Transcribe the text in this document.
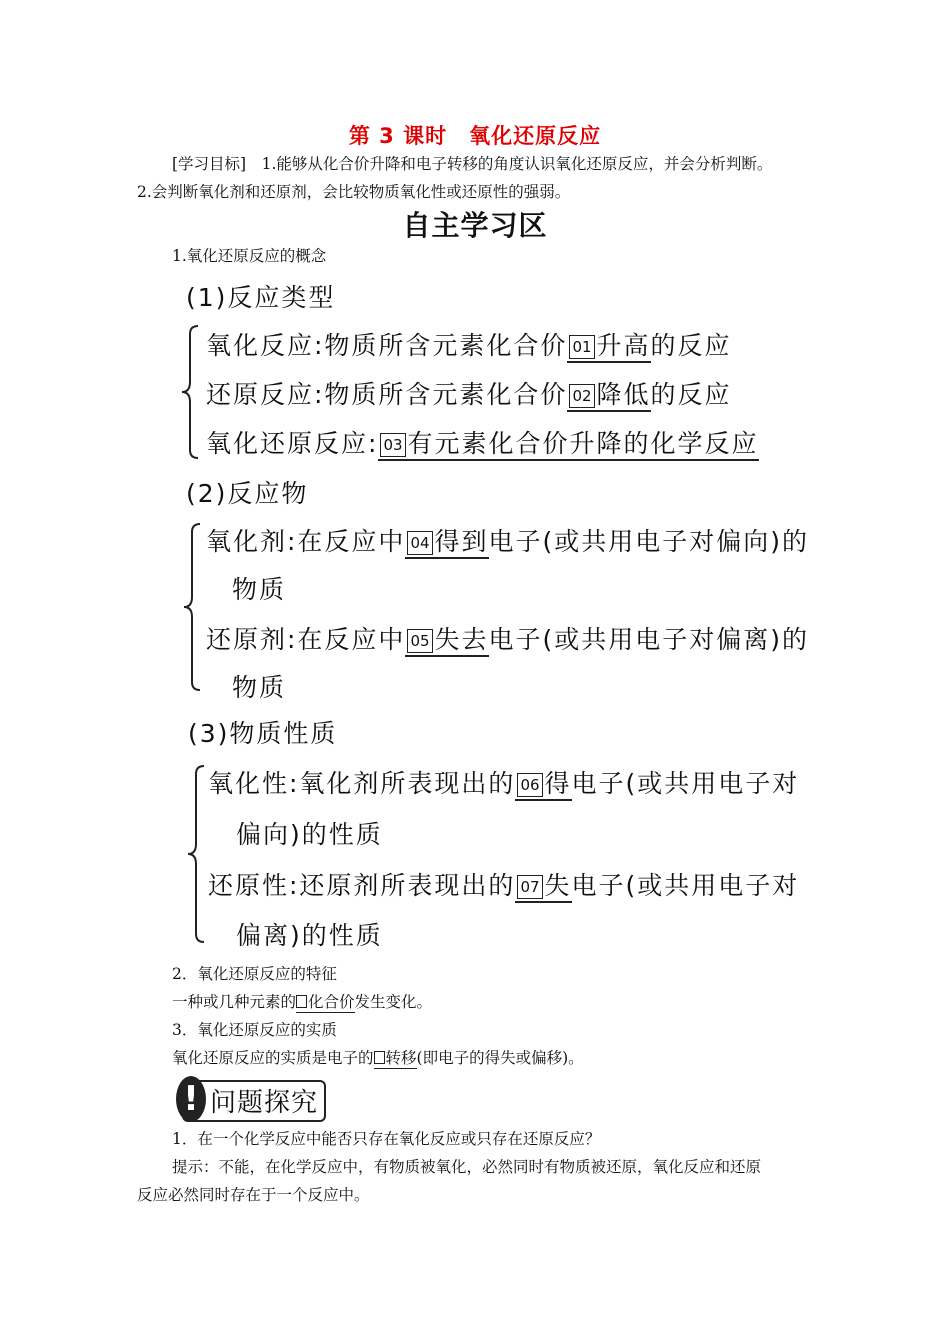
第 3 课时　氧化还原反应
[学习目标]　1.能够从化合价升降和电子转移的角度认识氧化还原反应，并会分析判断。
2.会判断氧化剂和还原剂，会比较物质氧化性或还原性的强弱。
自主学习区
1.氧化还原反应的概念
(1)反应类型
氧化反应:物质所含元素化合价 01 升高的反应
还原反应:物质所含元素化合价 02 降低的反应
氧化还原反应: 03 有元素化合价升降的化学反应
(2)反应物
氧化剂:在反应中 04 得到电子(或共用电子对偏向)的
物质
还原剂:在反应中 05 失去电子(或共用电子对偏离)的
物质
(3)物质性质
氧化性:氧化剂所表现出的 06 得电子(或共用电子对
偏向)的性质
还原性:还原剂所表现出的 07 失电子(或共用电子对
偏离)的性质
2．氧化还原反应的特征
一种或几种元素的 化合价发生变化。
3．氧化还原反应的实质
氧化还原反应的实质是电子的 转移(即电子的得失或偏移)。
! 问题探究
1．在一个化学反应中能否只存在氧化反应或只存在还原反应？
提示：不能，在化学反应中，有物质被氧化，必然同时有物质被还原，氧化反应和还原
反应必然同时存在于一个反应中。
